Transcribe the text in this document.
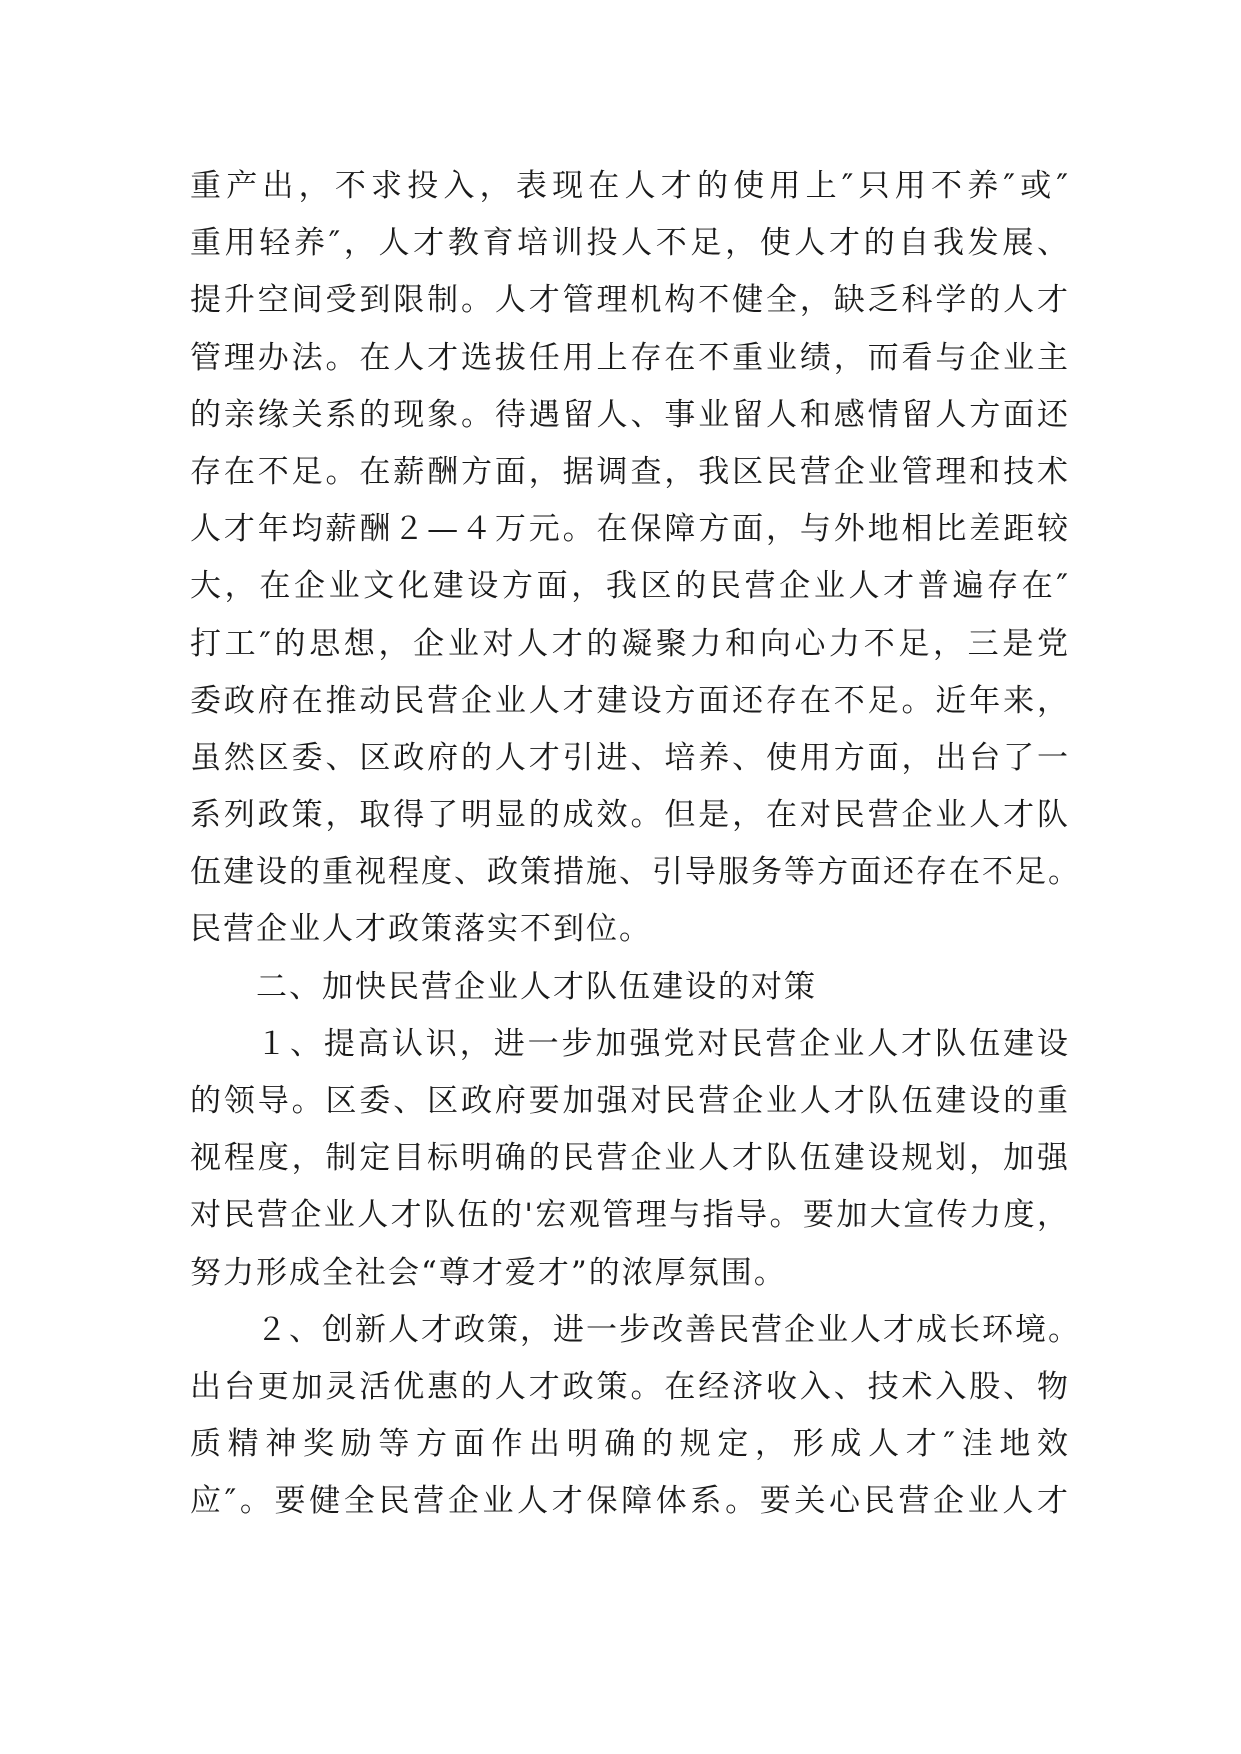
重产出，不求投入，表现在人才的使用上″只用不养″或″
重用轻养″，人才教育培训投人不足，使人才的自我发展、
提升空间受到限制。人才管理机构不健全，缺乏科学的人才
管理办法。在人才选拔任用上存在不重业绩，而看与企业主
的亲缘关系的现象。待遇留人、事业留人和感情留人方面还
存在不足。在薪酬方面，据调查，我区民营企业管理和技术
人才年均薪酬２—４万元。在保障方面，与外地相比差距较
大，在企业文化建设方面，我区的民营企业人才普遍存在″
打工″的思想，企业对人才的凝聚力和向心力不足，三是党
委政府在推动民营企业人才建设方面还存在不足。近年来，
虽然区委、区政府的人才引进、培养、使用方面，出台了一
系列政策，取得了明显的成效。但是，在对民营企业人才队
伍建设的重视程度、政策措施、引导服务等方面还存在不足。
民营企业人才政策落实不到位。
二、加快民营企业人才队伍建设的对策
１、提高认识，进一步加强党对民营企业人才队伍建设
的领导。区委、区政府要加强对民营企业人才队伍建设的重
视程度，制定目标明确的民营企业人才队伍建设规划，加强
对民营企业人才队伍的'宏观管理与指导。要加大宣传力度，
努力形成全社会“尊才爱才”的浓厚氛围。
２、创新人才政策，进一步改善民营企业人才成长环境。
出台更加灵活优惠的人才政策。在经济收入、技术入股、物
质精神奖励等方面作出明确的规定，形成人才″洼地效
应″。要健全民营企业人才保障体系。要关心民营企业人才
